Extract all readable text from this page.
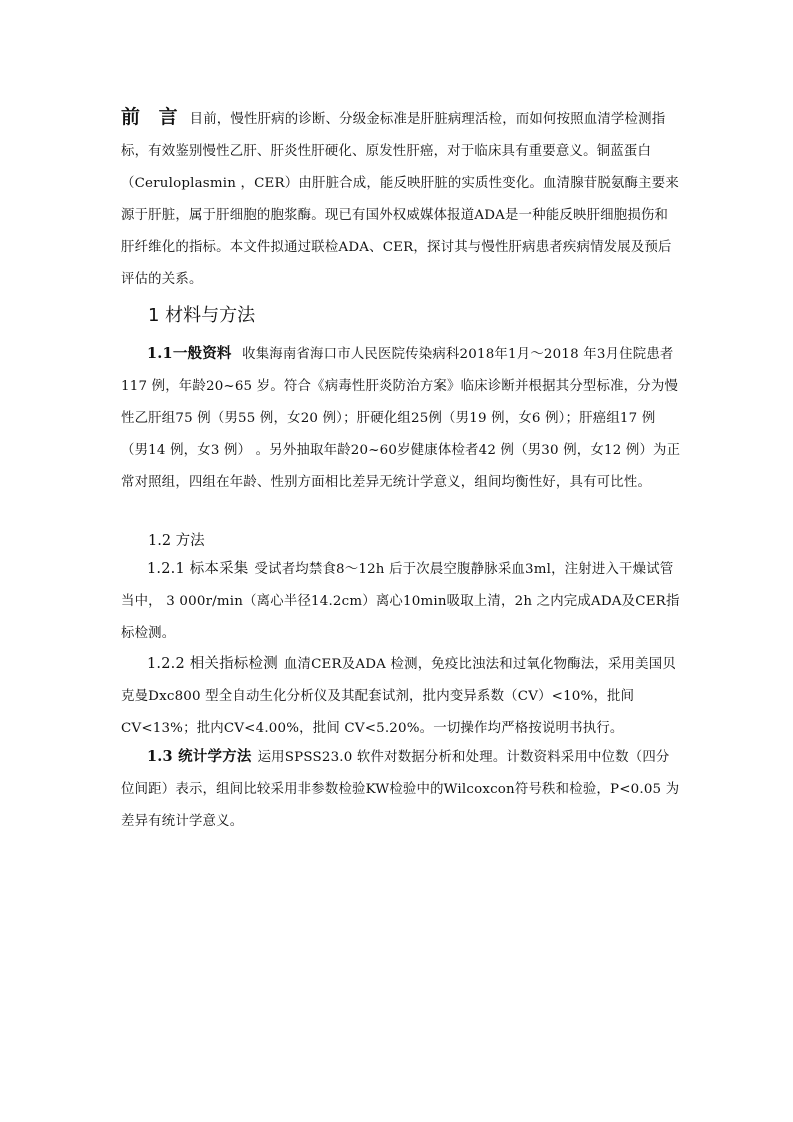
前 言 目前，慢性肝病的诊断、分级金标准是肝脏病理活检，而如何按照血清学检测指标，有效鉴别慢性乙肝、肝炎性肝硬化、原发性肝癌，对于临床具有重要意义。铜蓝蛋白（Ceruloplasmin ，CER）由肝脏合成，能反映肝脏的实质性变化。血清腺苷脱氨酶主要来源于肝脏，属于肝细胞的胞浆酶。现已有国外权威媒体报道ADA是一种能反映肝细胞损伤和肝纤维化的指标。本文件拟通过联检ADA、CER，探讨其与慢性肝病患者疾病情发展及预后评估的关系。

1 材料与方法

1.1一般资料 收集海南省海口市人民医院传染病科2018年1月～2018 年3月住院患者117 例，年龄20~65 岁。符合《病毒性肝炎防治方案》临床诊断并根据其分型标准，分为慢性乙肝组75 例（男55 例，女20 例）；肝硬化组25例（男19 例，女6 例）；肝癌组17 例（男14 例，女3 例） 。另外抽取年龄20~60岁健康体检者42 例（男30 例，女12 例）为正常对照组，四组在年龄、性别方面相比差异无统计学意义，组间均衡性好，具有可比性。

1.2 方法

1.2.1 标本采集 受试者均禁食8～12h 后于次晨空腹静脉采血3ml，注射进入干燥试管当中， 3 000r/min（离心半径14.2cm）离心10min吸取上清，2h 之内完成ADA及CER指标检测。

1.2.2 相关指标检测 血清CER及ADA 检测，免疫比浊法和过氧化物酶法，采用美国贝克曼Dxc800 型全自动生化分析仪及其配套试剂，批内变异系数（CV）<10%，批间 CV<13%；批内CV<4.00%，批间 CV<5.20%。一切操作均严格按说明书执行。

1.3 统计学方法 运用SPSS23.0 软件对数据分析和处理。计数资料采用中位数（四分位间距）表示，组间比较采用非参数检验KW检验中的Wilcoxcon符号秩和检验，P<0.05 为差异有统计学意义。
